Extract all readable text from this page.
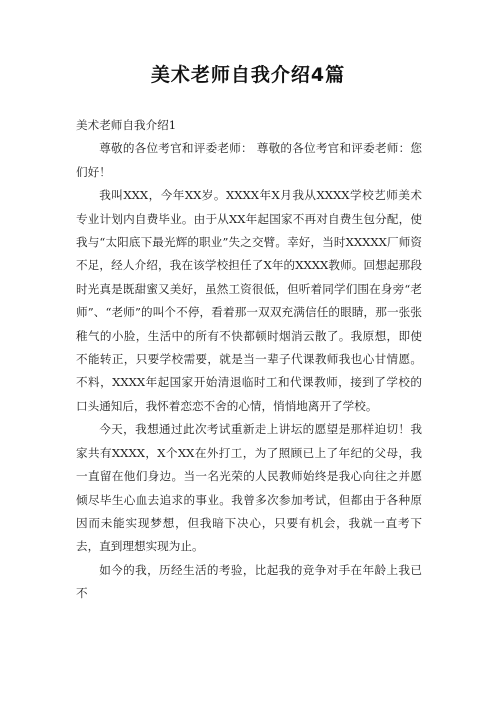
美术老师自我介绍4篇

美术老师自我介绍1

尊敬的各位考官和评委老师： 尊敬的各位考官和评委老师：您们好！

我叫XXX，今年XX岁。XXXX年X月我从XXXX学校艺师美术专业计划内自费毕业。由于从XX年起国家不再对自费生包分配，使我与“太阳底下最光辉的职业”失之交臂。幸好，当时XXXXX厂师资不足，经人介绍，我在该学校担任了X年的XXXX教师。回想起那段时光真是既甜蜜又美好，虽然工资很低，但听着同学们围在身旁“老师”、“老师”的叫个不停，看着那一双双充满信任的眼睛，那一张张稚气的小脸，生活中的所有不快都顿时烟消云散了。我原想，即使不能转正，只要学校需要，就是当一辈子代课教师我也心甘情愿。不料，XXXX年起国家开始清退临时工和代课教师，接到了学校的口头通知后，我怀着恋恋不舍的心情，悄悄地离开了学校。

今天，我想通过此次考试重新走上讲坛的愿望是那样迫切！我家共有XXXX，X个XX在外打工，为了照顾已上了年纪的父母，我一直留在他们身边。当一名光荣的人民教师始终是我心向往之并愿倾尽毕生心血去追求的事业。我曾多次参加考试，但都由于各种原因而未能实现梦想，但我暗下决心，只要有机会，我就一直考下去，直到理想实现为止。

如今的我，历经生活的考验，比起我的竞争对手在年龄上我已不
